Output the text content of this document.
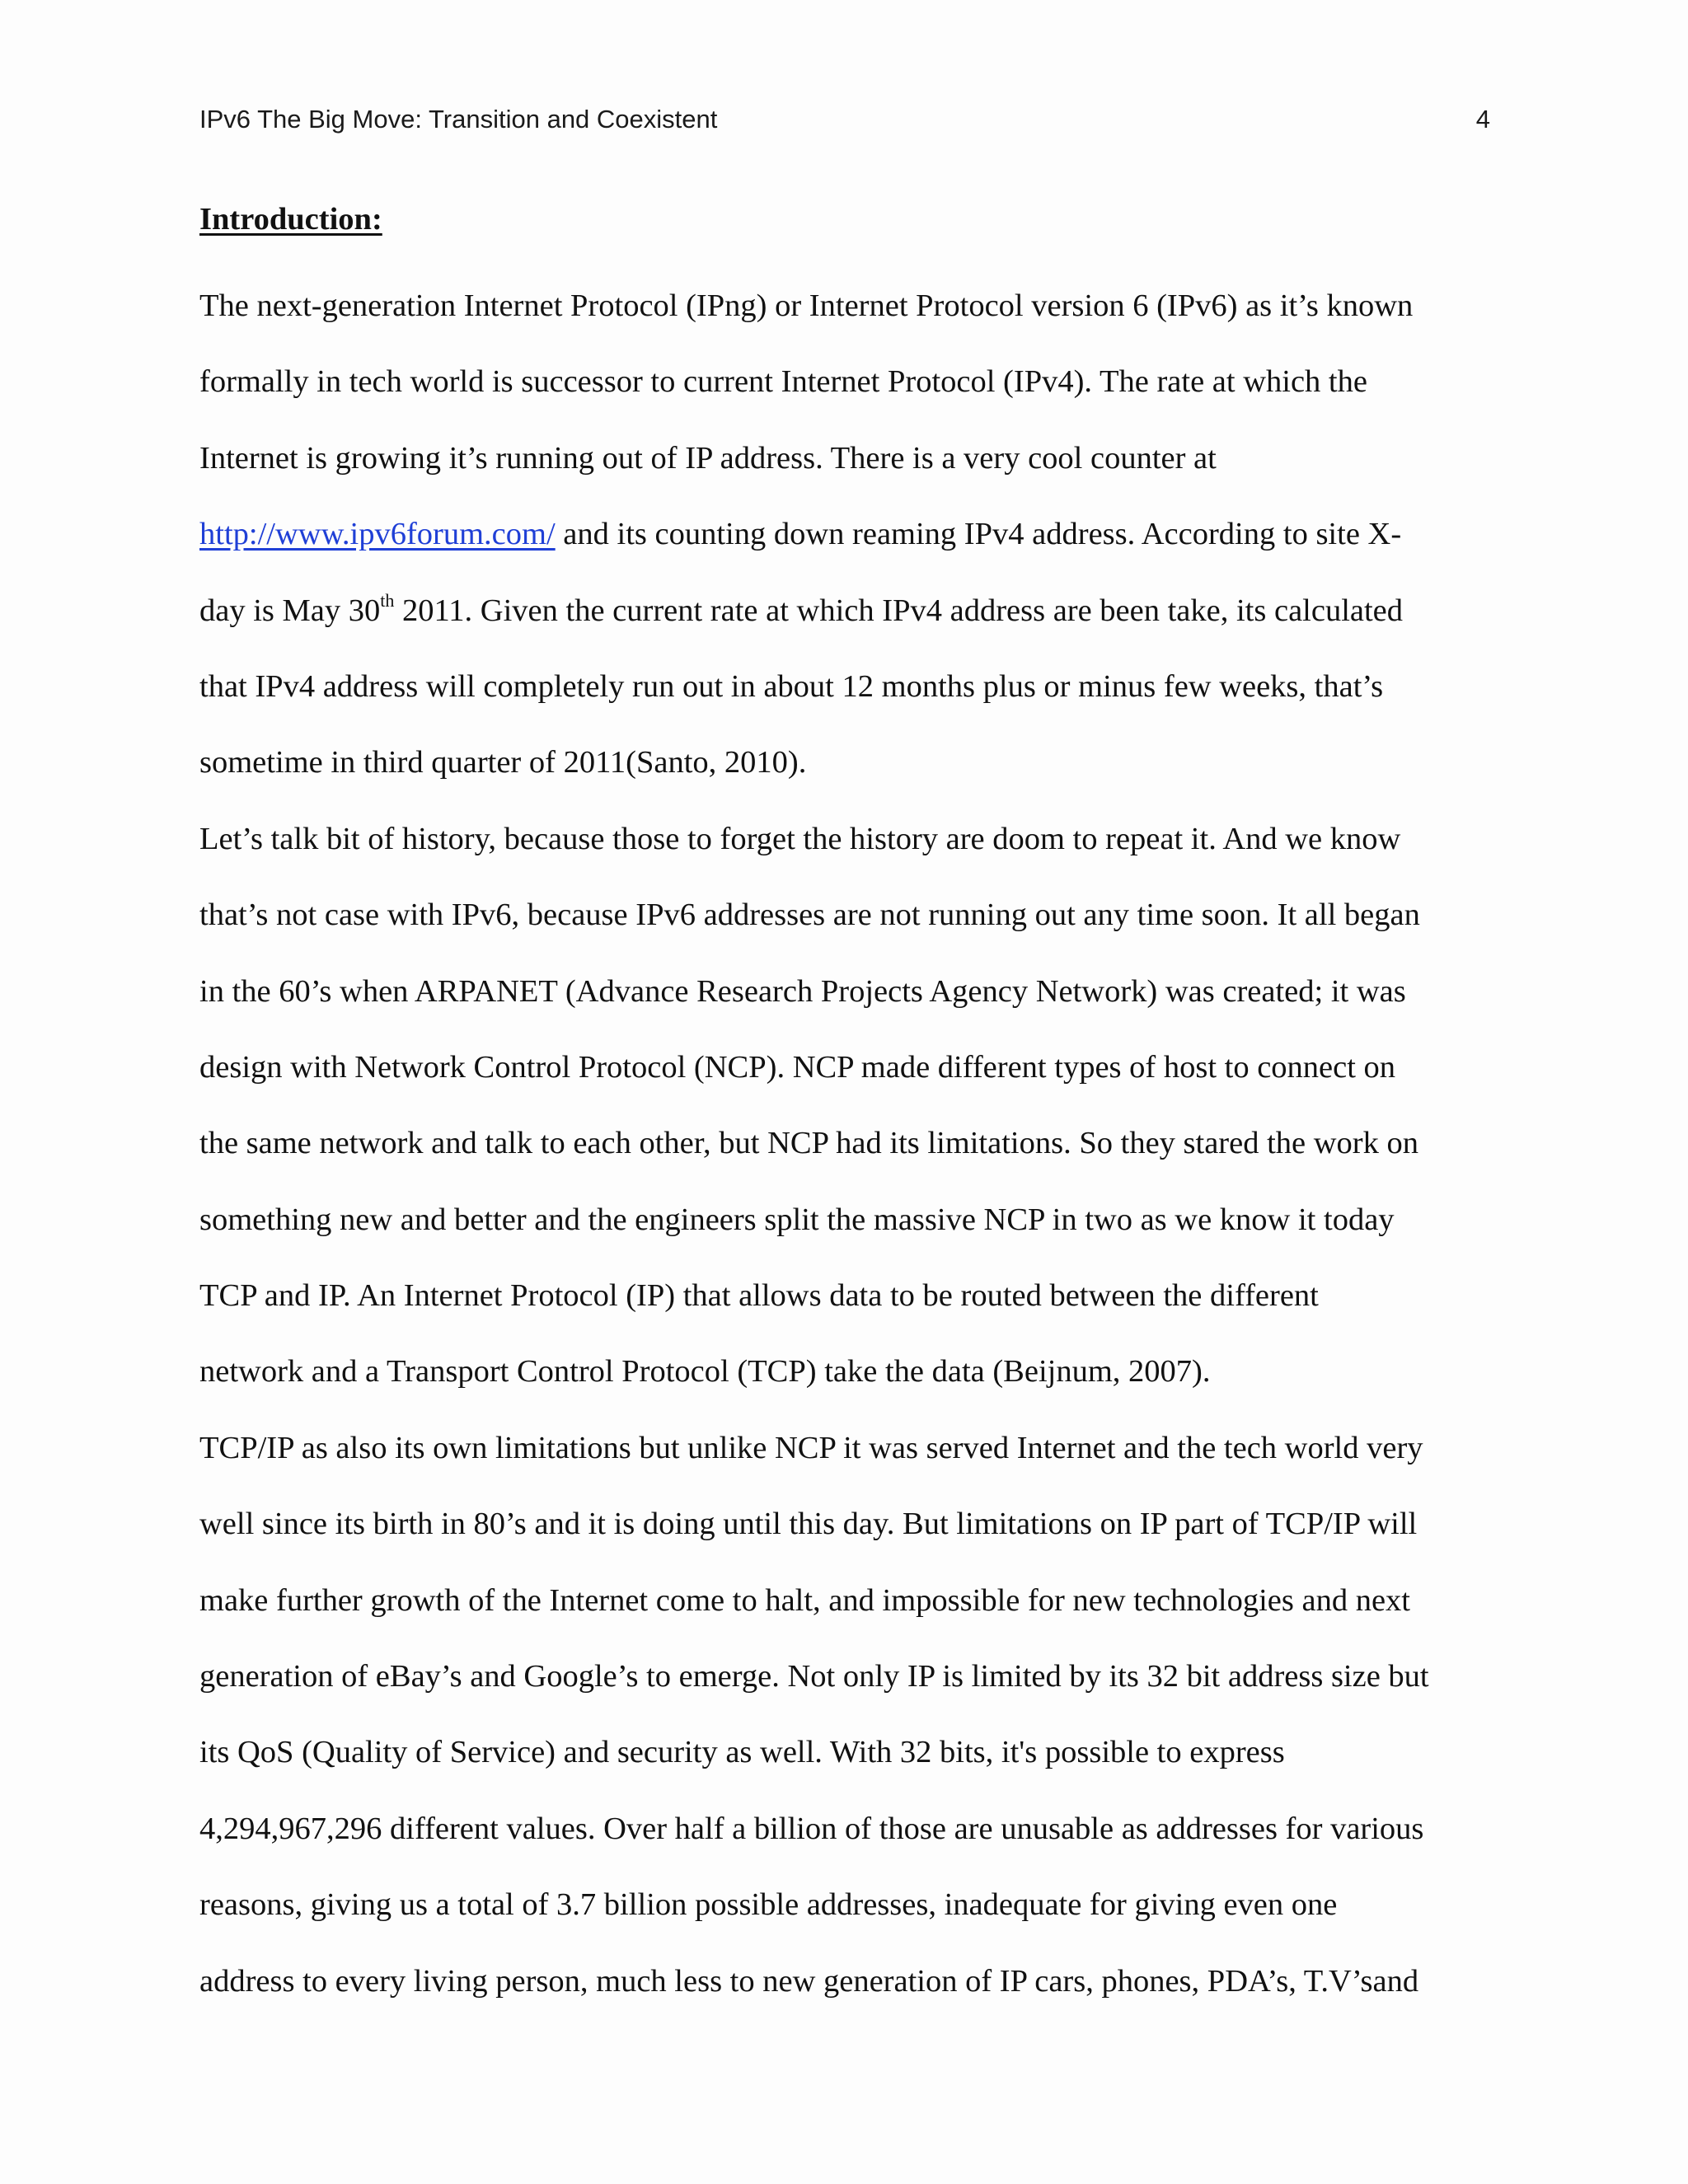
IPv6 The Big Move: Transition and Coexistent	4
Introduction:
The next-generation Internet Protocol (IPng) or Internet Protocol version 6 (IPv6) as it’s known
formally in tech world is successor to current Internet Protocol (IPv4). The rate at which the
Internet is growing it’s running out of IP address. There is a very cool counter at
http://www.ipv6forum.com/ and its counting down reaming IPv4 address. According to site X-
day is May 30th 2011. Given the current rate at which IPv4 address are been take, its calculated
that IPv4 address will completely run out in about 12 months plus or minus few weeks, that’s
sometime in third quarter of 2011(Santo, 2010).
Let’s talk bit of history, because those to forget the history are doom to repeat it. And we know
that’s not case with IPv6, because IPv6 addresses are not running out any time soon. It all began
in the 60’s when ARPANET (Advance Research Projects Agency Network) was created; it was
design with Network Control Protocol (NCP). NCP made different types of host to connect on
the same network and talk to each other, but NCP had its limitations. So they stared the work on
something new and better and the engineers split the massive NCP in two as we know it today
TCP and IP. An Internet Protocol (IP) that allows data to be routed between the different
network and a Transport Control Protocol (TCP) take the data (Beijnum, 2007).
TCP/IP as also its own limitations but unlike NCP it was served Internet and the tech world very
well since its birth in 80’s and it is doing until this day. But limitations on IP part of TCP/IP will
make further growth of the Internet come to halt, and impossible for new technologies and next
generation of eBay’s and Google’s to emerge. Not only IP is limited by its 32 bit address size but
its QoS (Quality of Service) and security as well. With 32 bits, it's possible to express
4,294,967,296 different values. Over half a billion of those are unusable as addresses for various
reasons, giving us a total of 3.7 billion possible addresses, inadequate for giving even one
address to every living person, much less to new generation of IP cars, phones, PDA’s, T.V’sand
